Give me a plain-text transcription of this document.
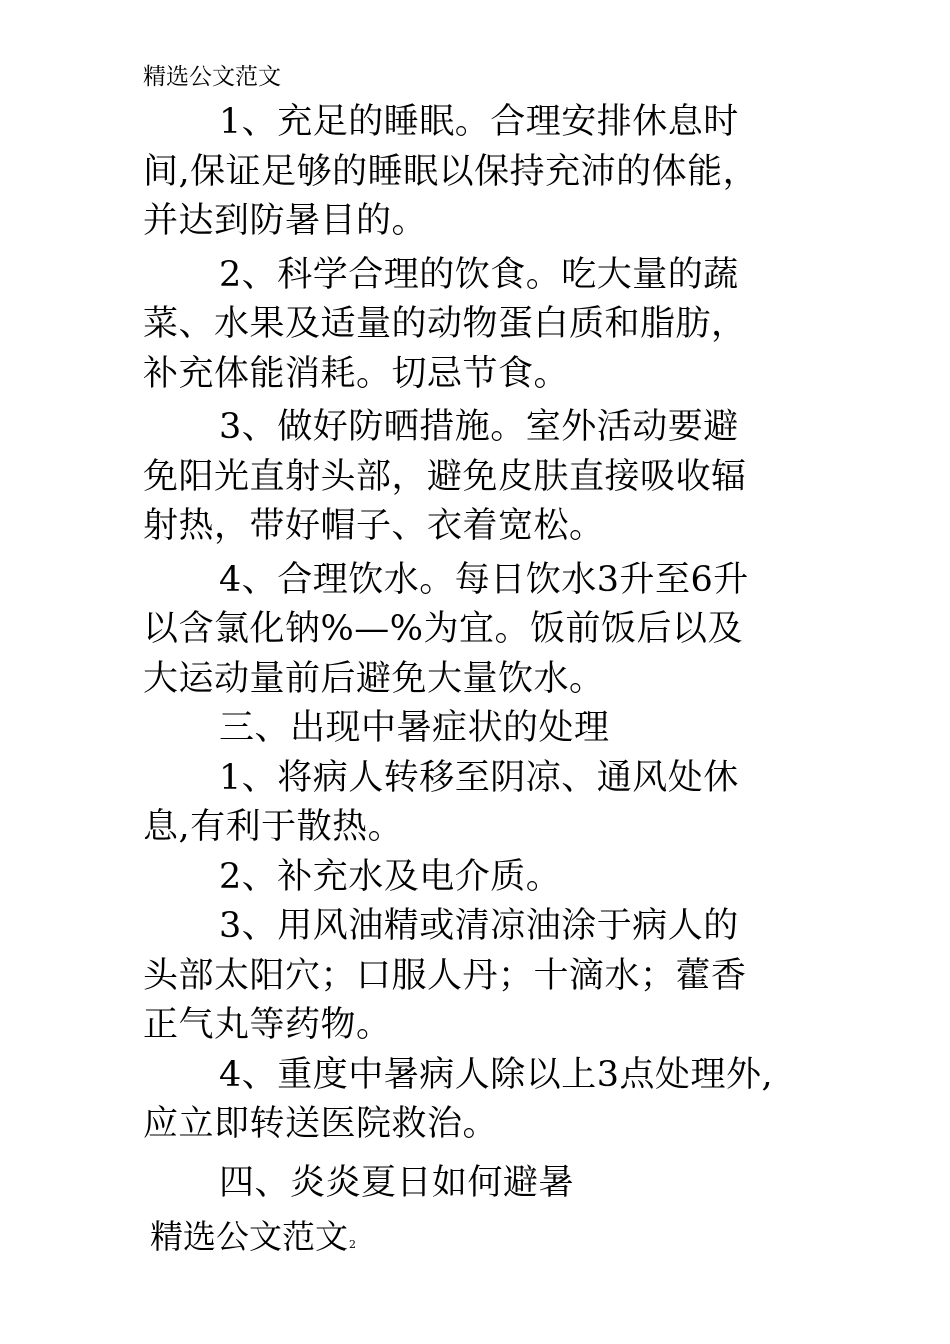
精选公文范文
1、充足的睡眠。合理安排休息时
间,保证足够的睡眠以保持充沛的体能，
并达到防暑目的。
2、科学合理的饮食。吃大量的蔬
菜、水果及适量的动物蛋白质和脂肪，
补充体能消耗。切忌节食。
3、做好防晒措施。室外活动要避
免阳光直射头部，避免皮肤直接吸收辐
射热，带好帽子、衣着宽松。
4、合理饮水。每日饮水3升至6升
以含氯化钠%—%为宜。饭前饭后以及
大运动量前后避免大量饮水。
三、出现中暑症状的处理
1、将病人转移至阴凉、通风处休
息,有利于散热。
2、补充水及电介质。
3、用风油精或清凉油涂于病人的
头部太阳穴；口服人丹；十滴水；藿香
正气丸等药物。
4、重度中暑病人除以上3点处理外,
应立即转送医院救治。
四、炎炎夏日如何避暑
精选公文范文2
